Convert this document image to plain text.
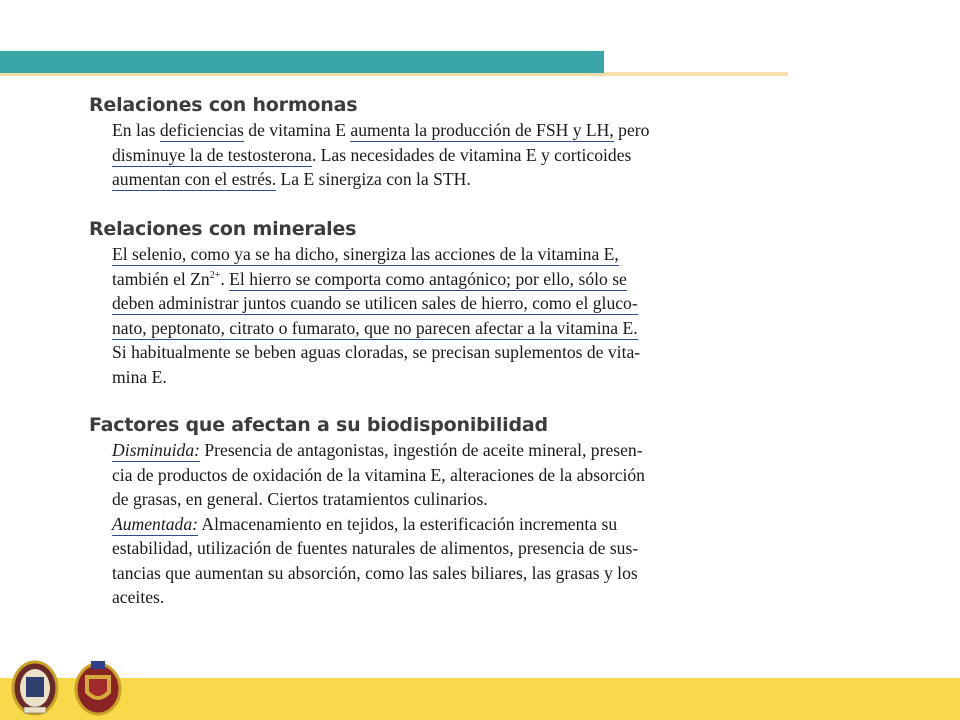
Relaciones con hormonas
En las deficiencias de vitamina E aumenta la producción de FSH y LH, pero
disminuye la de testosterona. Las necesidades de vitamina E y corticoides
aumentan con el estrés. La E sinergiza con la STH.
Relaciones con minerales
El selenio, como ya se ha dicho, sinergiza las acciones de la vitamina E,
también el $Zn^{2+}$. El hierro se comporta como antagónico; por ello, sólo se
deben administrar juntos cuando se utilicen sales de hierro, como el gluco-
nato, peptonato, citrato o fumarato, que no parecen afectar a la vitamina E.
Si habitualmente se beben aguas cloradas, se precisan suplementos de vita-
mina E.
Factores que afectan a su biodisponibilidad
Disminuida: Presencia de antagonistas, ingestión de aceite mineral, presen-
cia de productos de oxidación de la vitamina E, alteraciones de la absorción
de grasas, en general. Ciertos tratamientos culinarios.
Aumentada: Almacenamiento en tejidos, la esterificación incrementa su
estabilidad, utilización de fuentes naturales de alimentos, presencia de sus-
tancias que aumentan su absorción, como las sales biliares, las grasas y los
aceites.
